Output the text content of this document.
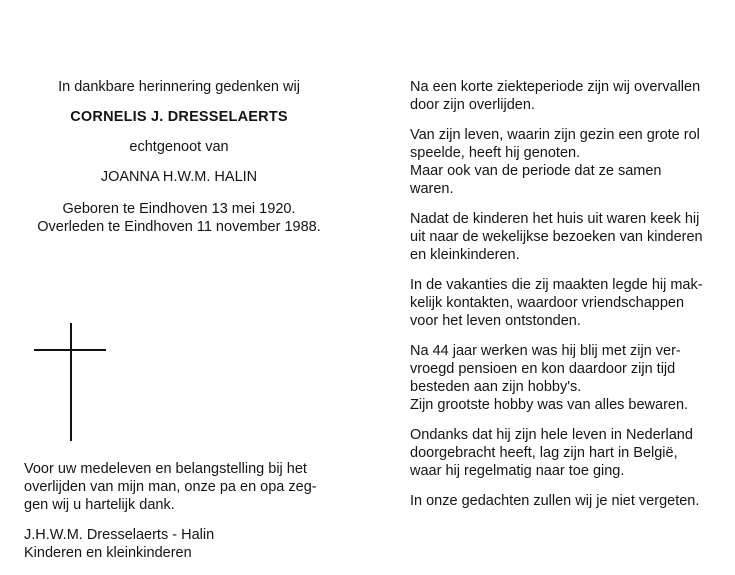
In dankbare herinnering gedenken wij
CORNELIS J. DRESSELAERTS
echtgenoot van
JOANNA H.W.M. HALIN
Geboren te Eindhoven 13 mei 1920.
Overleden te Eindhoven 11 november 1988.

Voor uw medeleven en belangstelling bij het

overlijden van mijn man, onze pa en opa zeg-

gen wij u hartelijk dank.

J.H.W.M. Dresselaerts - Halin

Kinderen en kleinkinderen

Na een korte ziekteperiode zijn wij overvallen
door zijn overlijden.

Van zijn leven, waarin zijn gezin een grote rol
speelde, heeft hij genoten.
Maar ook van de periode dat ze samen
waren.

Nadat de kinderen het huis uit waren keek hij
uit naar de wekelijkse bezoeken van kinderen
en kleinkinderen.

In de vakanties die zij maakten legde hij mak-
kelijk kontakten, waardoor vriendschappen
voor het leven ontstonden.

Na 44 jaar werken was hij blij met zijn ver-
vroegd pensioen en kon daardoor zijn tijd
besteden aan zijn hobby's.
Zijn grootste hobby was van alles bewaren.

Ondanks dat hij zijn hele leven in Nederland
doorgebracht heeft, lag zijn hart in België,
waar hij regelmatig naar toe ging.

In onze gedachten zullen wij je niet vergeten.
